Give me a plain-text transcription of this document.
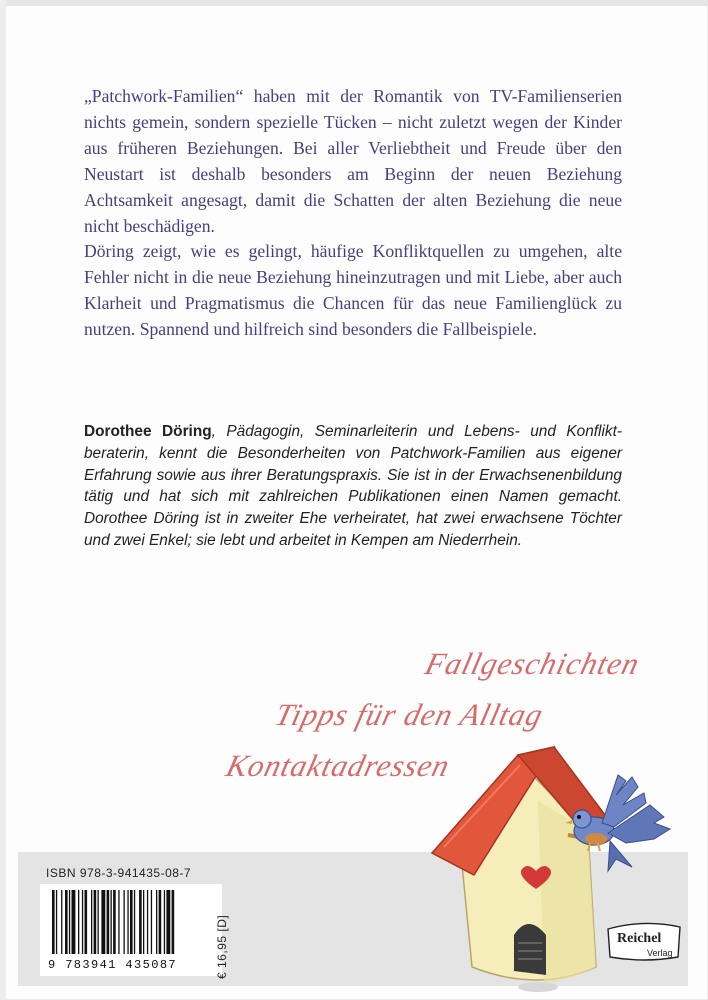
„Patchwork-Familien“ haben mit der Romantik von TV-Familienserien nichts gemein, sondern spezielle Tücken – nicht zuletzt wegen der Kinder aus früheren Beziehungen. Bei aller Verliebtheit und Freude über den Neustart ist deshalb besonders am Beginn der neuen Beziehung Achtsamkeit angesagt, damit die Schatten der alten Beziehung die neue nicht beschädigen.

Döring zeigt, wie es gelingt, häufige Konfliktquellen zu umgehen, alte Fehler nicht in die neue Beziehung hineinzutragen und mit Liebe, aber auch Klarheit und Pragmatismus die Chancen für das neue Familienglück zu nutzen. Spannend und hilfreich sind besonders die Fallbeispiele.

Dorothee Döring, Pädagogin, Seminarleiterin und Lebens- und Konfliktberaterin, kennt die Besonderheiten von Patchwork-Familien aus eigener Erfahrung sowie aus ihrer Beratungspraxis. Sie ist in der Erwachsenenbildung tätig und hat sich mit zahlreichen Publikationen einen Namen gemacht. Dorothee Döring ist in zweiter Ehe verheiratet, hat zwei erwachsene Töchter und zwei Enkel; sie lebt und arbeitet in Kempen am Niederrhein.

Fallgeschichten
Tipps für den Alltag
Kontaktadressen
ISBN 978-3-941435-08-7
9 783941 435087	€ 16,95 [D]	Reichel
Verlag
